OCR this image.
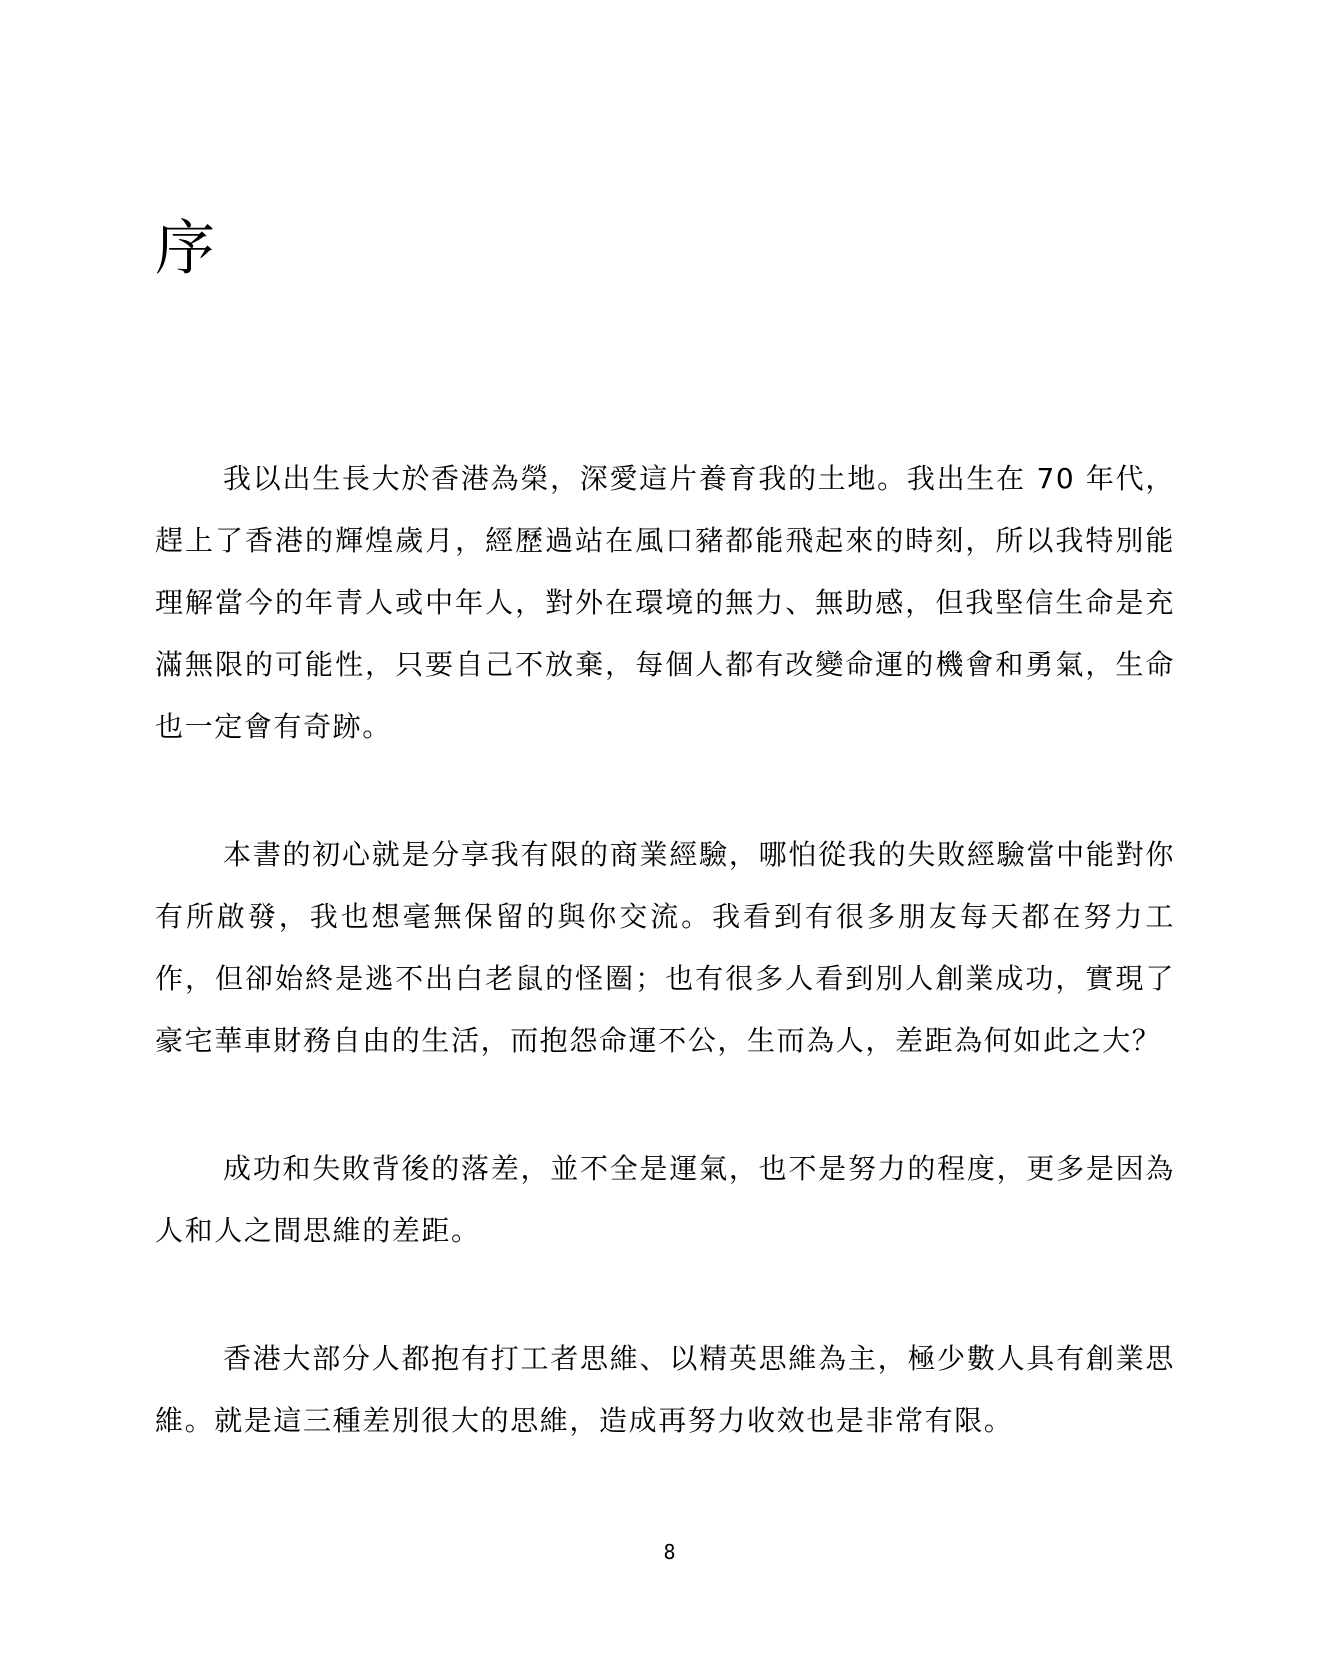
序

我以出生長大於香港為榮，深愛這片養育我的土地。我出生在 70 年代，趕上了香港的輝煌歲月，經歷過站在風口豬都能飛起來的時刻，所以我特別能理解當今的年青人或中年人，對外在環境的無力、無助感，但我堅信生命是充滿無限的可能性，只要自己不放棄，每個人都有改變命運的機會和勇氣，生命也一定會有奇跡。

本書的初心就是分享我有限的商業經驗，哪怕從我的失敗經驗當中能對你有所啟發，我也想毫無保留的與你交流。我看到有很多朋友每天都在努力工作，但卻始終是逃不出白老鼠的怪圈；也有很多人看到別人創業成功，實現了豪宅華車財務自由的生活，而抱怨命運不公，生而為人，差距為何如此之大？

成功和失敗背後的落差，並不全是運氣，也不是努力的程度，更多是因為人和人之間思維的差距。

香港大部分人都抱有打工者思維、以精英思維為主，極少數人具有創業思維。就是這三種差別很大的思維，造成再努力收效也是非常有限。

8
